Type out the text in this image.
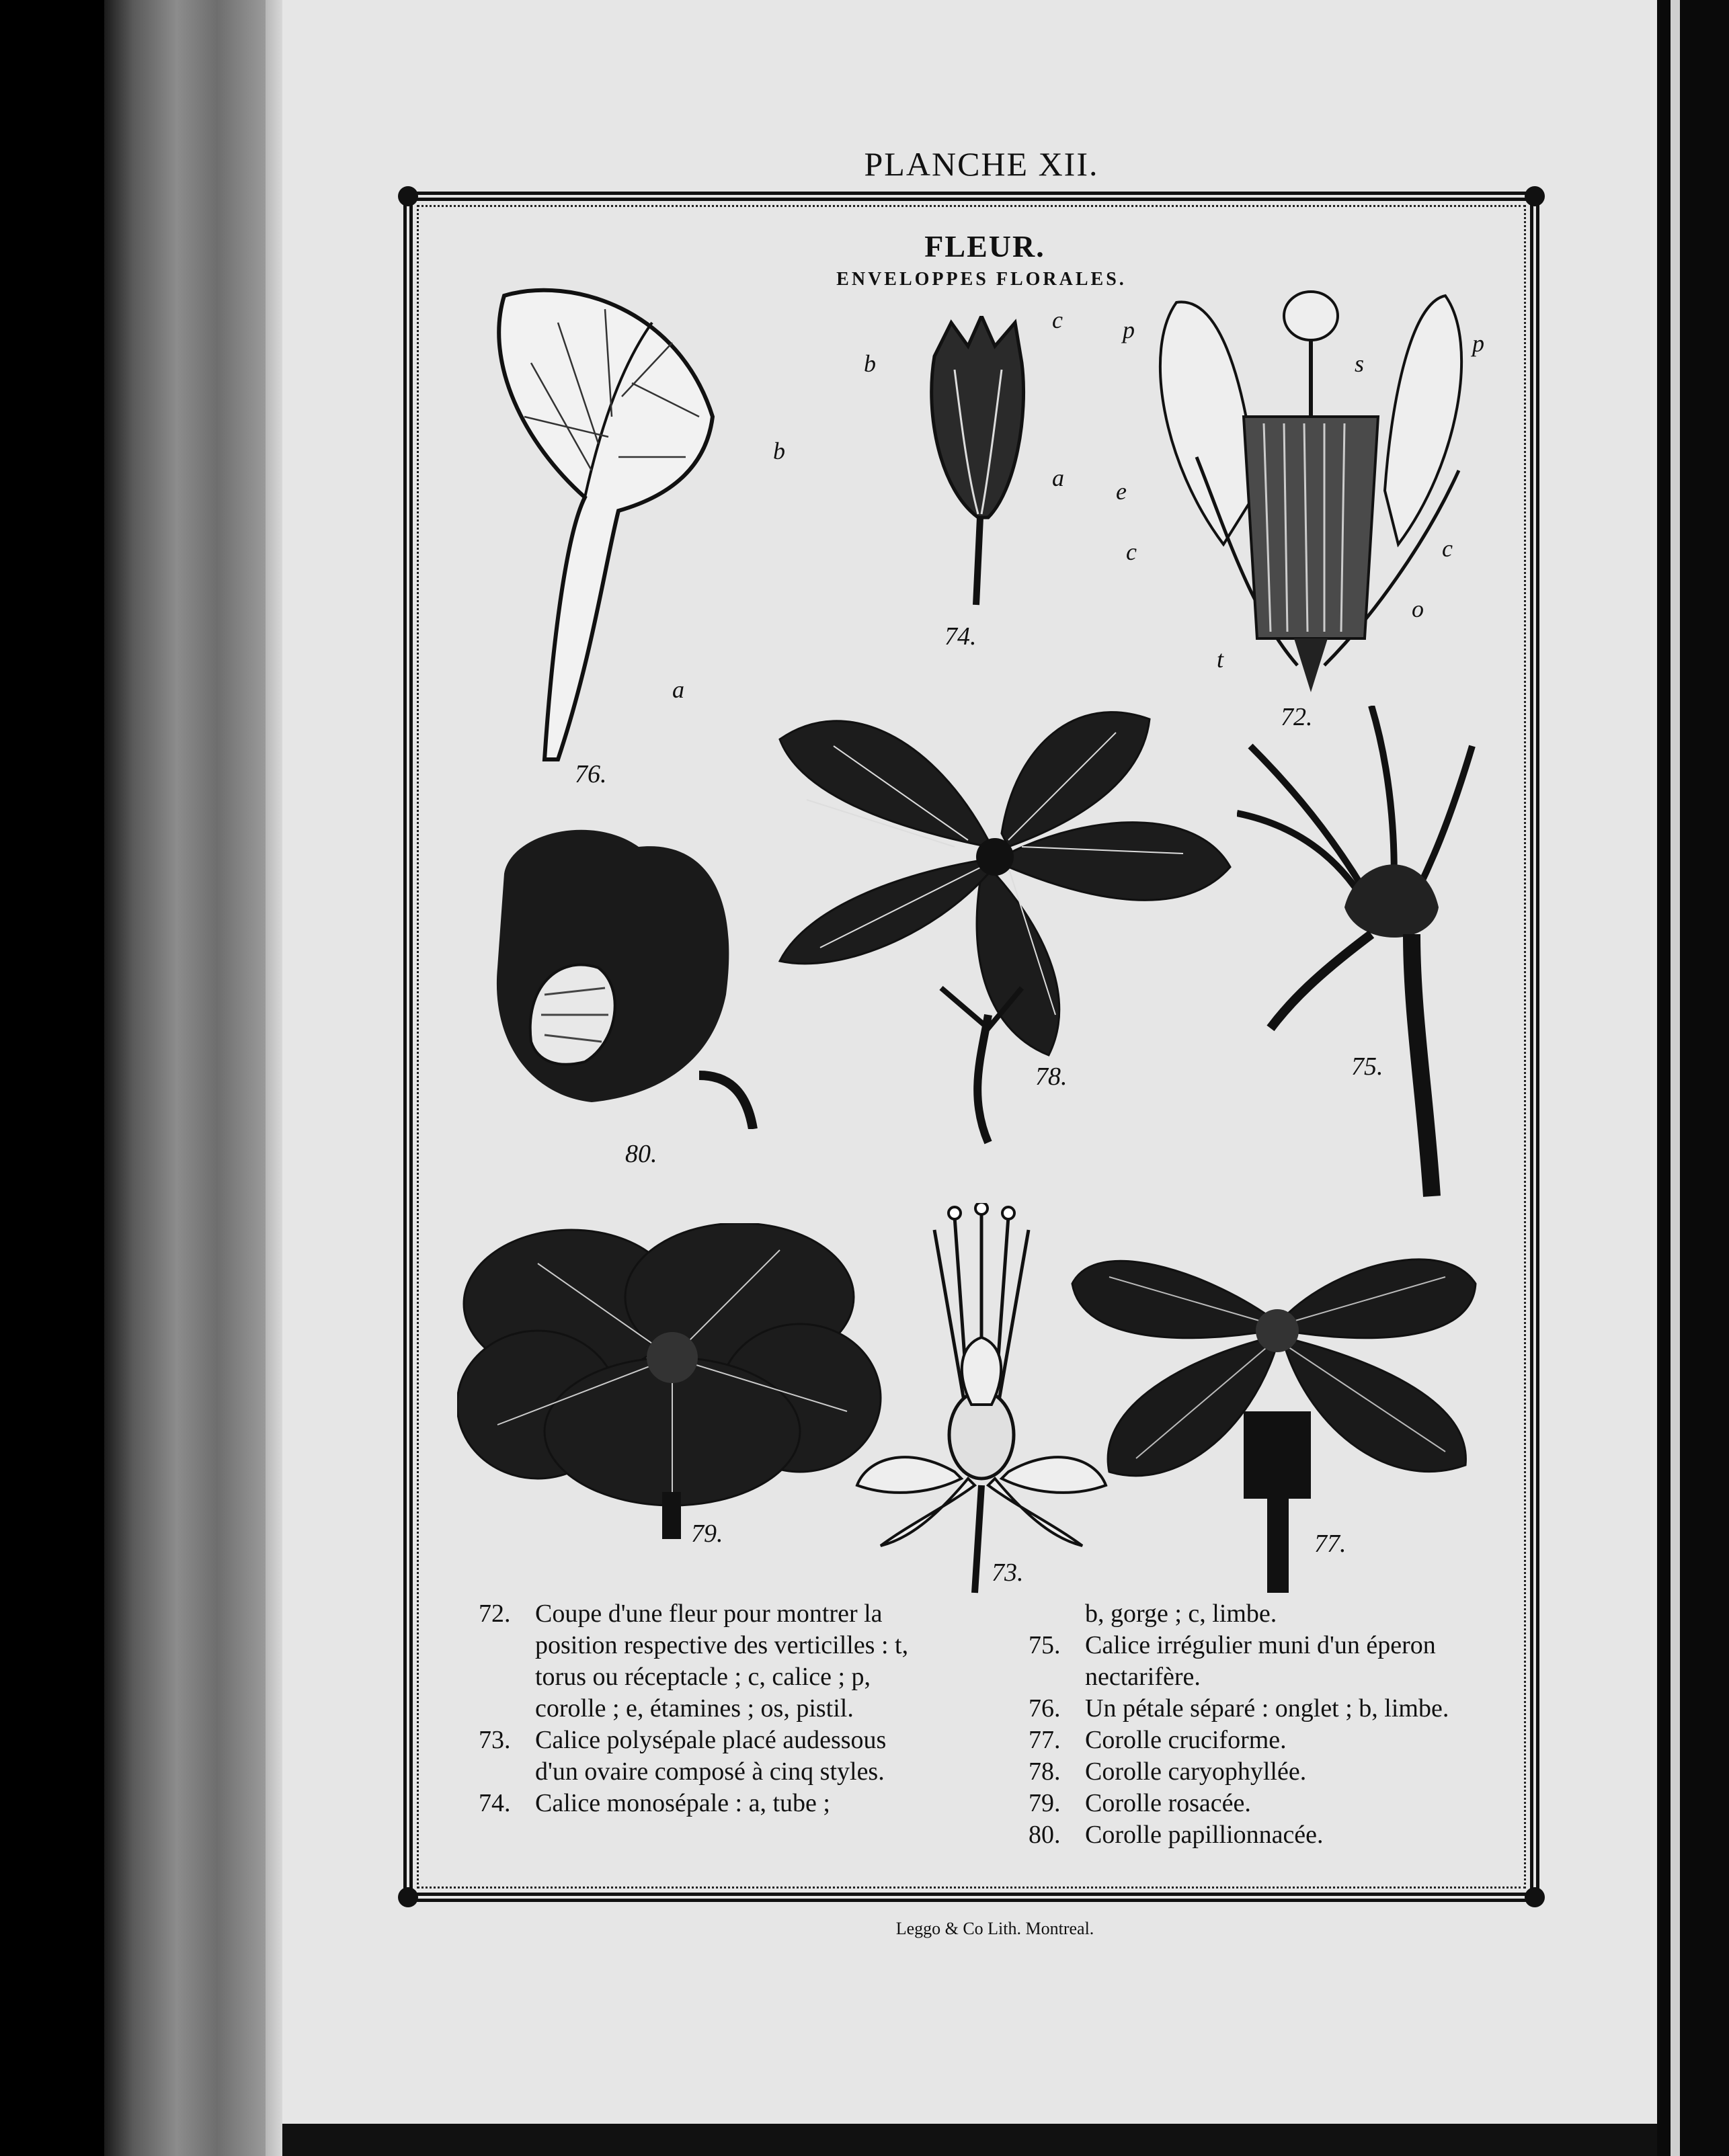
PLANCHE XII.
FLEUR.
ENVELOPPES FLORALES.
b
a
76.
c
b
a
74.
p
s
p
e
c	c
o
t
72.
78.	75.
80.
79.
73.
77.
72. Coupe d'une fleur pour montrer la position respective des verticilles : t, torus ou réceptacle ; c, calice ; p, corolle ; e, étamines ; os, pistil.
73. Calice polysépale placé audessous d'un ovaire composé à cinq styles.
74. Calice monosépale : a, tube ;
b, gorge ; c, limbe.
75. Calice irrégulier muni d'un éperon nectarifère.
76. Un pétale séparé : onglet ; b, limbe.
77. Corolle cruciforme.
78. Corolle caryophyllée.
79. Corolle rosacée.
80. Corolle papillionnacée.
Leggo & Co Lith. Montreal.
